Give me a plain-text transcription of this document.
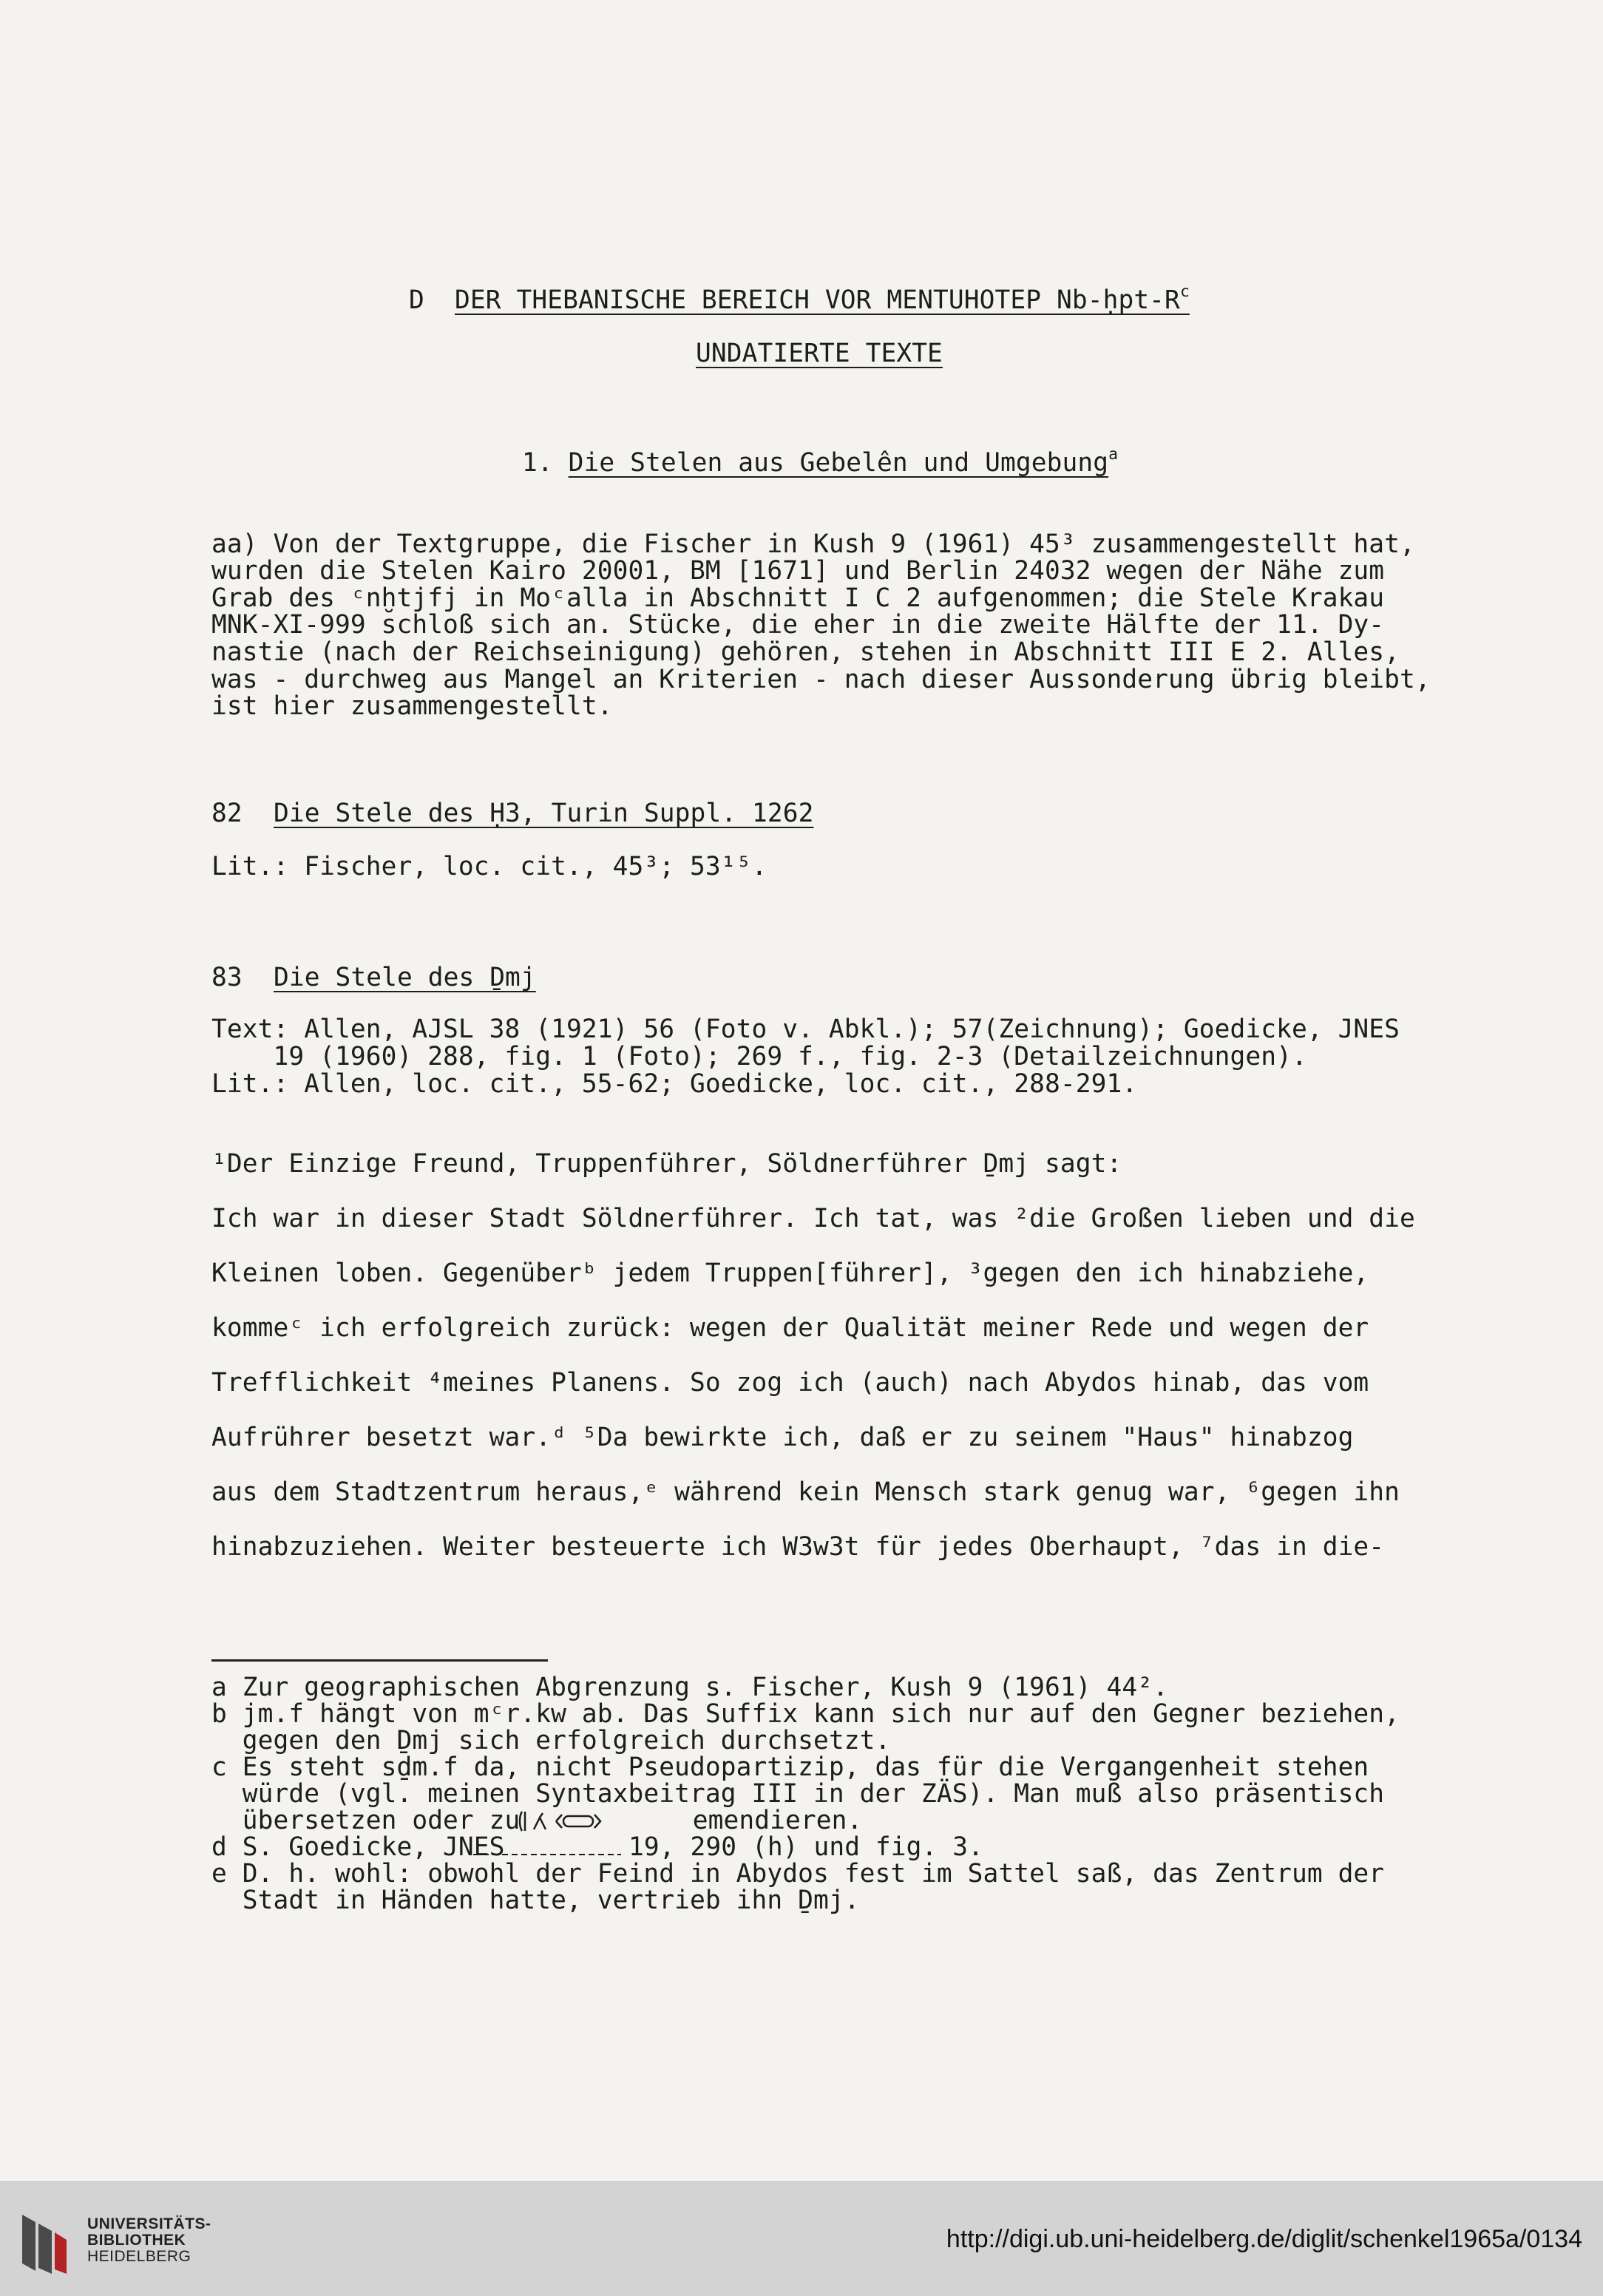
D DER THEBANISCHE BEREICH VOR MENTUHOTEP $Nb-ḥpt-R^c$
UNDATIERTE TEXTE
1. Die Stelen aus Gebelên und Umgebung$^a$
aa) Von der Textgruppe, die Fischer in Kush 9 (1961) 45³ zusammengestellt hat,
wurden die Stelen Kairo 20001, BM [1671] und Berlin 24032 wegen der Nähe zum
Grab des ᶜnḫtjfj in Moᶜalla in Abschnitt I C 2 aufgenommen; die Stele Krakau
MNK-XI-999 schloß sich an. Stücke, die eher in die zweite Hälfte der 11. Dy-
nastie (nach der Reichseinigung) gehören, stehen in Abschnitt III E 2. Alles,
was - durchweg aus Mangel an Kriterien - nach dieser Aussonderung übrig bleibt,
ist hier zusammengestellt.
82 Die Stele des Ḥ3, Turin Suppl. 1262
Lit.: Fischer, loc. cit., 45³; 53¹⁵.
83 Die Stele des Ḏmj
Text: Allen, AJSL 38 (1921) 56 (Foto v. Abkl.); 57(Zeichnung); Goedicke, JNES
19 (1960) 288, fig. 1 (Foto); 269 f., fig. 2-3 (Detailzeichnungen).
Lit.: Allen, loc. cit., 55-62; Goedicke, loc. cit., 288-291.
¹Der Einzige Freund, Truppenführer, Söldnerführer Ḏmj sagt:
Ich war in dieser Stadt Söldnerführer. Ich tat, was ²die Großen lieben und die
Kleinen loben. Gegenüberᵇ jedem Truppen[führer], ³gegen den ich hinabziehe,
kommeᶜ ich erfolgreich zurück: wegen der Qualität meiner Rede und wegen der
Trefflichkeit ⁴meines Planens. So zog ich (auch) nach Abydos hinab, das vom
Aufrührer besetzt war.ᵈ ⁵Da bewirkte ich, daß er zu seinem "Haus" hinabzog
aus dem Stadtzentrum heraus,ᵉ während kein Mensch stark genug war, ⁶gegen ihn
hinabzuziehen. Weiter besteuerte ich W3w3t für jedes Oberhaupt, ⁷das in die-
a Zur geographischen Abgrenzung s. Fischer, Kush 9 (1961) 44².
b jm.f hängt von mᶜr.kw ab. Das Suffix kann sich nur auf den Gegner beziehen,
gegen den Ḏmj sich erfolgreich durchsetzt.
c Es steht sḏm.f da, nicht Pseudopartizip, das für die Vergangenheit stehen
würde (vgl. meinen Syntaxbeitrag III in der ZÄS). Man muß also präsentisch
übersetzen oder zu	emendieren.
d S. Goedicke, JNES	19, 290 (h) und fig. 3.
e D. h. wohl: obwohl der Feind in Abydos fest im Sattel saß, das Zentrum der
Stadt in Händen hatte, vertrieb ihn Ḏmj.
UNIVERSITÄTS-
BIBLIOTHEK
HEIDELBERG
http://digi.ub.uni-heidelberg.de/diglit/schenkel1965a/0134
